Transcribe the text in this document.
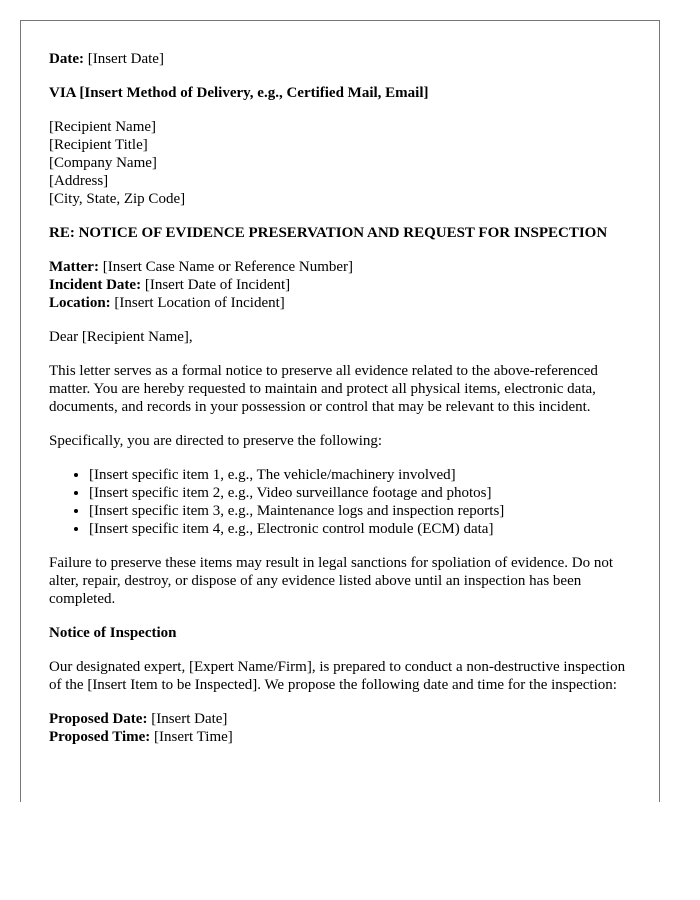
Date: [Insert Date]

VIA [Insert Method of Delivery, e.g., Certified Mail, Email]

[Recipient Name]
[Recipient Title]
[Company Name]
[Address]
[City, State, Zip Code]

RE: NOTICE OF EVIDENCE PRESERVATION AND REQUEST FOR INSPECTION

Matter: [Insert Case Name or Reference Number]
Incident Date: [Insert Date of Incident]
Location: [Insert Location of Incident]

Dear [Recipient Name],

This letter serves as a formal notice to preserve all evidence related to the above-referenced matter. You are hereby requested to maintain and protect all physical items, electronic data, documents, and records in your possession or control that may be relevant to this incident.

Specifically, you are directed to preserve the following:

• [Insert specific item 1, e.g., The vehicle/machinery involved]
• [Insert specific item 2, e.g., Video surveillance footage and photos]
• [Insert specific item 3, e.g., Maintenance logs and inspection reports]
• [Insert specific item 4, e.g., Electronic control module (ECM) data]

Failure to preserve these items may result in legal sanctions for spoliation of evidence. Do not alter, repair, destroy, or dispose of any evidence listed above until an inspection has been completed.

Notice of Inspection

Our designated expert, [Expert Name/Firm], is prepared to conduct a non-destructive inspection of the [Insert Item to be Inspected]. We propose the following date and time for the inspection:

Proposed Date: [Insert Date]
Proposed Time: [Insert Time]
